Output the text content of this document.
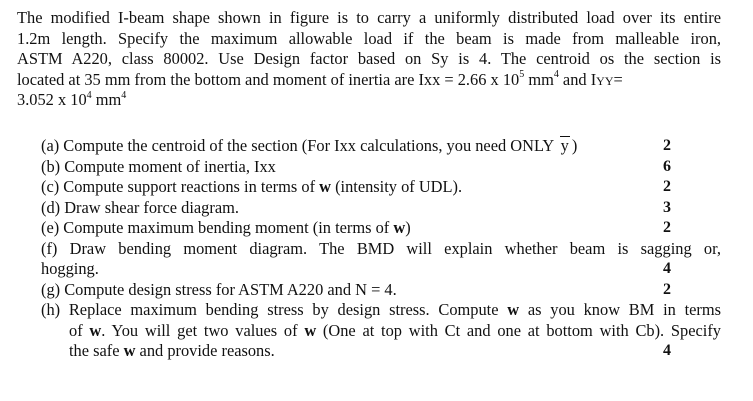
The modified I-beam shape shown in figure is to carry a uniformly distributed load over its entire
1.2m length. Specify the maximum allowable load if the beam is made from malleable iron,
ASTM A220, class 80002. Use Design factor based on Sy is 4. The centroid os the section is
located at 35 mm from the bottom and moment of inertia are Ixx = 2.66 x $10^5$ $mm^4$ and IYY=
3.052 x $10^4$ $mm^4$
(a) Compute the centroid of the section (For Ixx calculations, you need ONLY
y )	2
(b) Compute moment of inertia, Ixx	6
(c) Compute support reactions in terms of w (intensity of UDL).	2
(d) Draw shear force diagram.	3
(e) Compute maximum bending moment (in terms of w)	2
(f) Draw bending moment diagram. The BMD will explain whether beam is sagging or,
hogging.	4
(g) Compute design stress for ASTM A220 and N = 4.	2
(h) Replace maximum bending stress by design stress. Compute w as you know BM in terms
of w. You will get two values of w (One at top with Ct and one at bottom with Cb). Specify
the safe w and provide reasons.	4
